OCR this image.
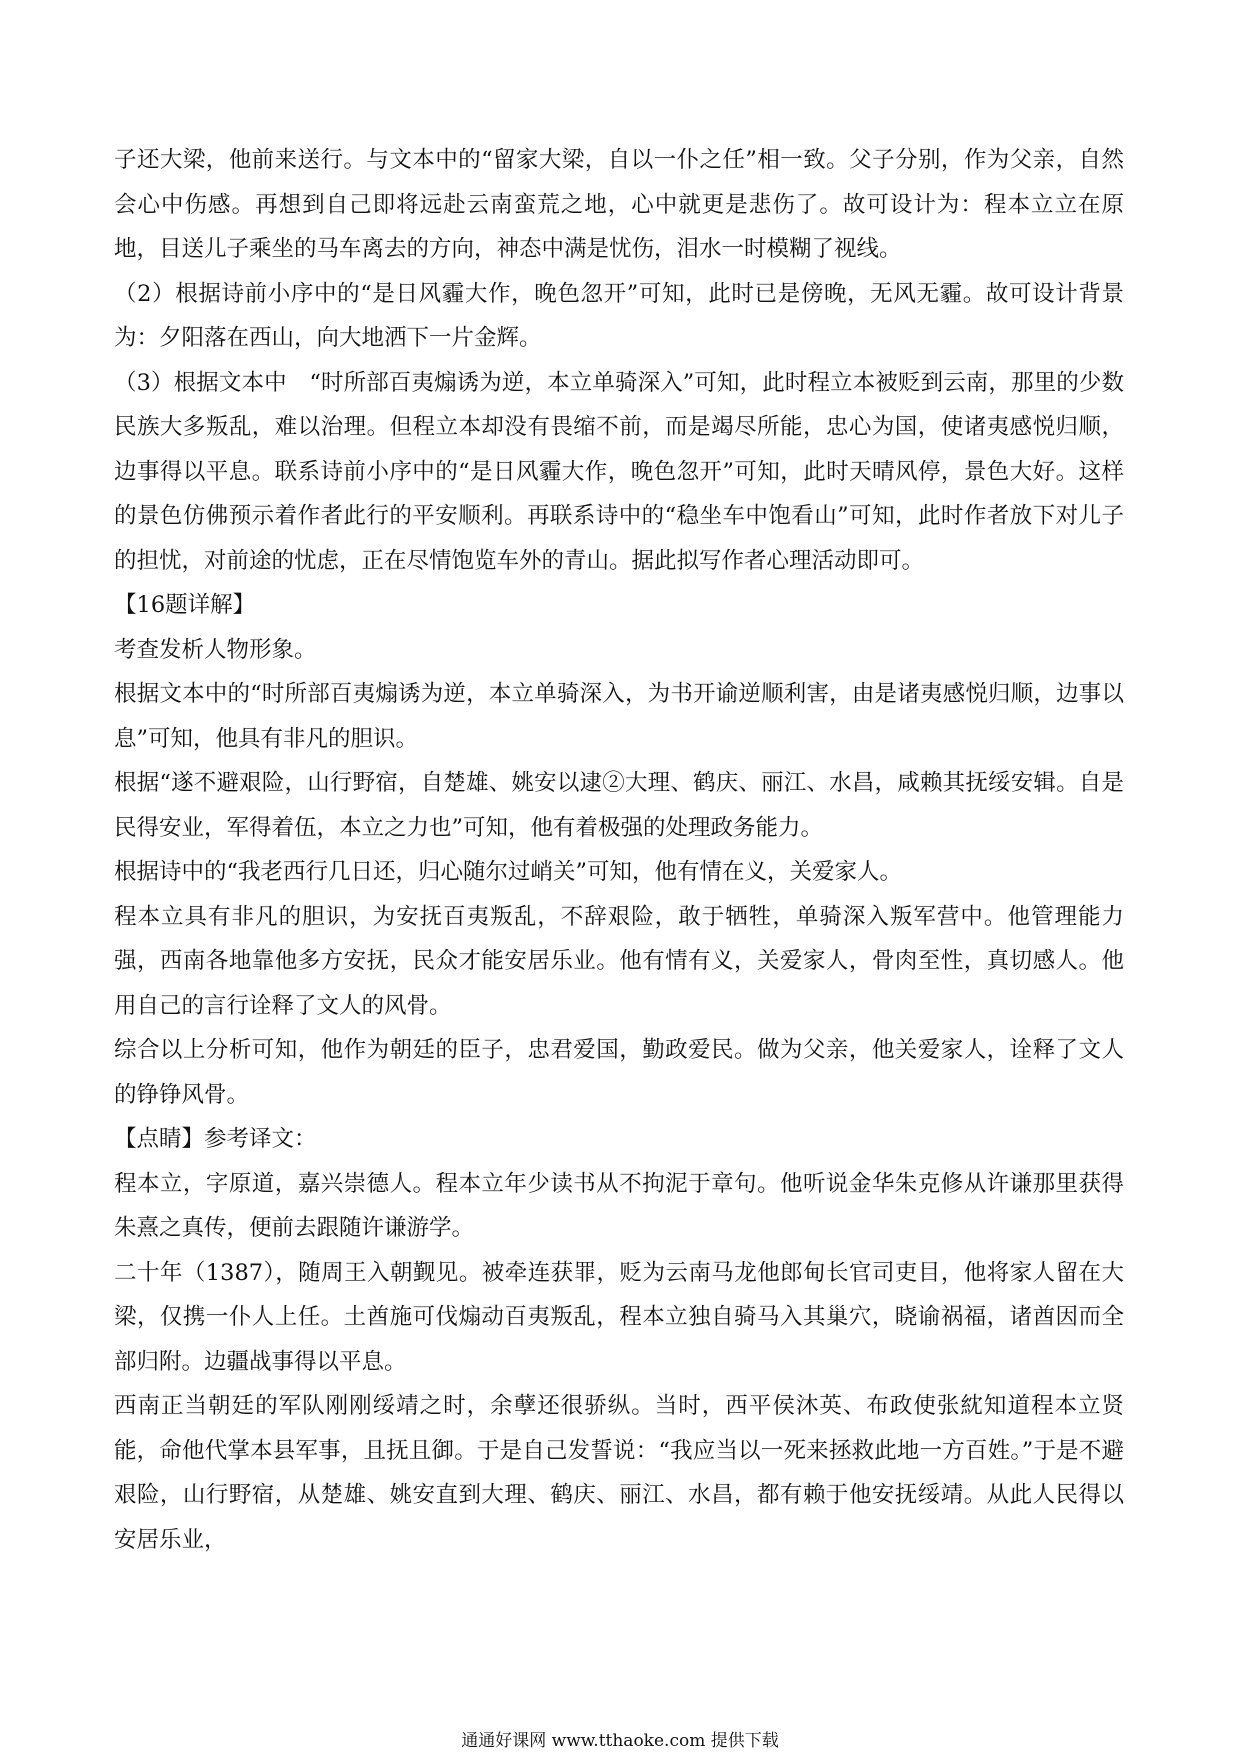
子还大梁，他前来送行。与文本中的“留家大梁，自以一仆之任”相一致。父子分别，作为父亲，自然会心中伤感。再想到自己即将远赴云南蛮荒之地，心中就更是悲伤了。故可设计为：程本立立在原地，目送儿子乘坐的马车离去的方向，神态中满是忧伤，泪水一时模糊了视线。

（2）根据诗前小序中的“是日风霾大作，晚色忽开”可知，此时已是傍晚，无风无霾。故可设计背景为：夕阳落在西山，向大地洒下一片金辉。

（3）根据文本中　“时所部百夷煽诱为逆，本立单骑深入”可知，此时程立本被贬到云南，那里的少数民族大多叛乱，难以治理。但程立本却没有畏缩不前，而是竭尽所能，忠心为国，使诸夷感悦归顺，边事得以平息。联系诗前小序中的“是日风霾大作，晚色忽开”可知，此时天晴风停，景色大好。这样的景色仿佛预示着作者此行的平安顺利。再联系诗中的“稳坐车中饱看山”可知，此时作者放下对儿子的担忧，对前途的忧虑，正在尽情饱览车外的青山。据此拟写作者心理活动即可。

【16题详解】

考查发析人物形象。

根据文本中的“时所部百夷煽诱为逆，本立单骑深入，为书开谕逆顺利害，由是诸夷感悦归顺，边事以息”可知，他具有非凡的胆识。

根据“遂不避艰险，山行野宿，自楚雄、姚安以逮②大理、鹤庆、丽江、水昌，咸赖其抚绥安辑。自是民得安业，军得着伍，本立之力也”可知，他有着极强的处理政务能力。

根据诗中的“我老西行几日还，归心随尔过峭关”可知，他有情在义，关爱家人。

程本立具有非凡的胆识，为安抚百夷叛乱，不辞艰险，敢于牺牲，单骑深入叛军营中。他管理能力强，西南各地靠他多方安抚，民众才能安居乐业。他有情有义，关爱家人，骨肉至性，真切感人。他用自己的言行诠释了文人的风骨。

综合以上分析可知，他作为朝廷的臣子，忠君爱国，勤政爱民。做为父亲，他关爱家人，诠释了文人的铮铮风骨。

【点睛】参考译文：

程本立，字原道，嘉兴崇德人。程本立年少读书从不拘泥于章句。他听说金华朱克修从许谦那里获得朱熹之真传，便前去跟随许谦游学。

二十年（1387），随周王入朝觐见。被牵连获罪，贬为云南马龙他郎甸长官司吏目，他将家人留在大梁，仅携一仆人上任。土酋施可伐煽动百夷叛乱，程本立独自骑马入其巢穴，晓谕祸福，诸酋因而全部归附。边疆战事得以平息。

西南正当朝廷的军队刚刚绥靖之时，余孽还很骄纵。当时，西平侯沐英、布政使张紞知道程本立贤能，命他代掌本县军事，且抚且御。于是自己发誓说：“我应当以一死来拯救此地一方百姓。”于是不避艰险，山行野宿，从楚雄、姚安直到大理、鹤庆、丽江、水昌，都有赖于他安抚绥靖。从此人民得以安居乐业，

通通好课网 www.tthaoke.com 提供下载
